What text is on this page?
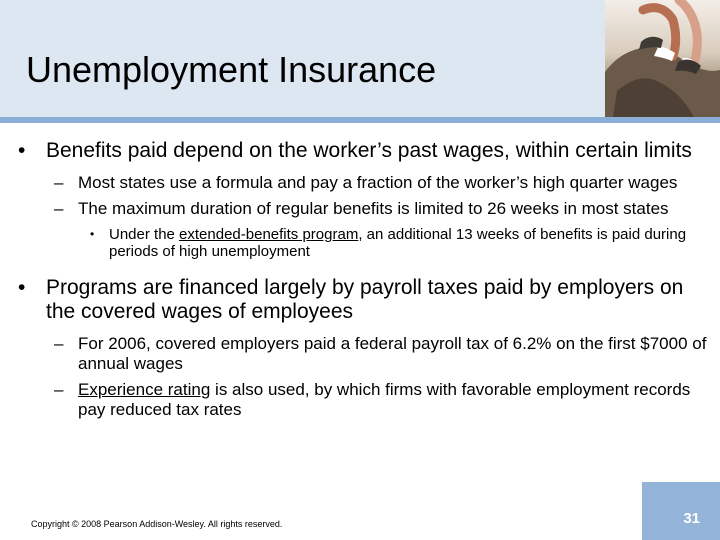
Unemployment Insurance
• Benefits paid depend on the worker’s past wages, within certain limits
– Most states use a formula and pay a fraction of the worker’s high quarter wages
– The maximum duration of regular benefits is limited to 26 weeks in most states
• Under the extended-benefits program, an additional 13 weeks of benefits is paid during periods of high unemployment
• Programs are financed largely by payroll taxes paid by employers on the covered wages of employees
– For 2006, covered employers paid a federal payroll tax of 6.2% on the first $7000 of annual wages
– Experience rating is also used, by which firms with favorable employment records pay reduced tax rates
Copyright © 2008 Pearson Addison-Wesley. All rights reserved.	31
